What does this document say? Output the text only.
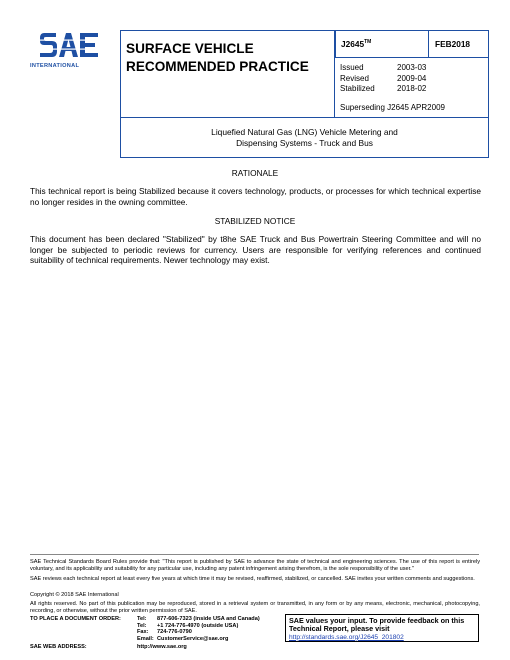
INTERNATIONAL
SURFACE VEHICLE
RECOMMENDED PRACTICE
J2645™	FEB2018
Issued	2003-03
Revised	2009-04
Stabilized	2018-02
Superseding J2645 APR2009
Liquefied Natural Gas (LNG) Vehicle Metering and
Dispensing Systems - Truck and Bus
RATIONALE
This technical report is being Stabilized because it covers technology, products, or processes for which technical expertise no longer resides in the owning committee.
STABILIZED NOTICE
This document has been declared "Stabilized" by t8he SAE Truck and Bus Powertrain Steering Committee and will no longer be subjected to periodic reviews for currency. Users are responsible for verifying references and continued suitability of technical requirements. Newer technology may exist.
SAE Technical Standards Board Rules provide that: "This report is published by SAE to advance the state of technical and engineering sciences. The use of this report is entirely voluntary, and its applicability and suitability for any particular use, including any patent infringement arising therefrom, is the sole responsibility of the user."
SAE reviews each technical report at least every five years at which time it may be revised, reaffirmed, stabilized, or cancelled. SAE invites your written comments and suggestions.
Copyright © 2018 SAE International
All rights reserved. No part of this publication may be reproduced, stored in a retrieval system or transmitted, in any form or by any means, electronic, mechanical, photocopying, recording, or otherwise, without the prior written permission of SAE.
TO PLACE A DOCUMENT ORDER:	Tel: 877-606-7323 (inside USA and Canada)
Tel: +1 724-776-4970 (outside USA)
Fax: 724-776-0790
Email: CustomerService@sae.org
SAE WEB ADDRESS:	http://www.sae.org
SAE values your input. To provide feedback on this
Technical Report, please visit
http://standards.sae.org/J2645_201802
